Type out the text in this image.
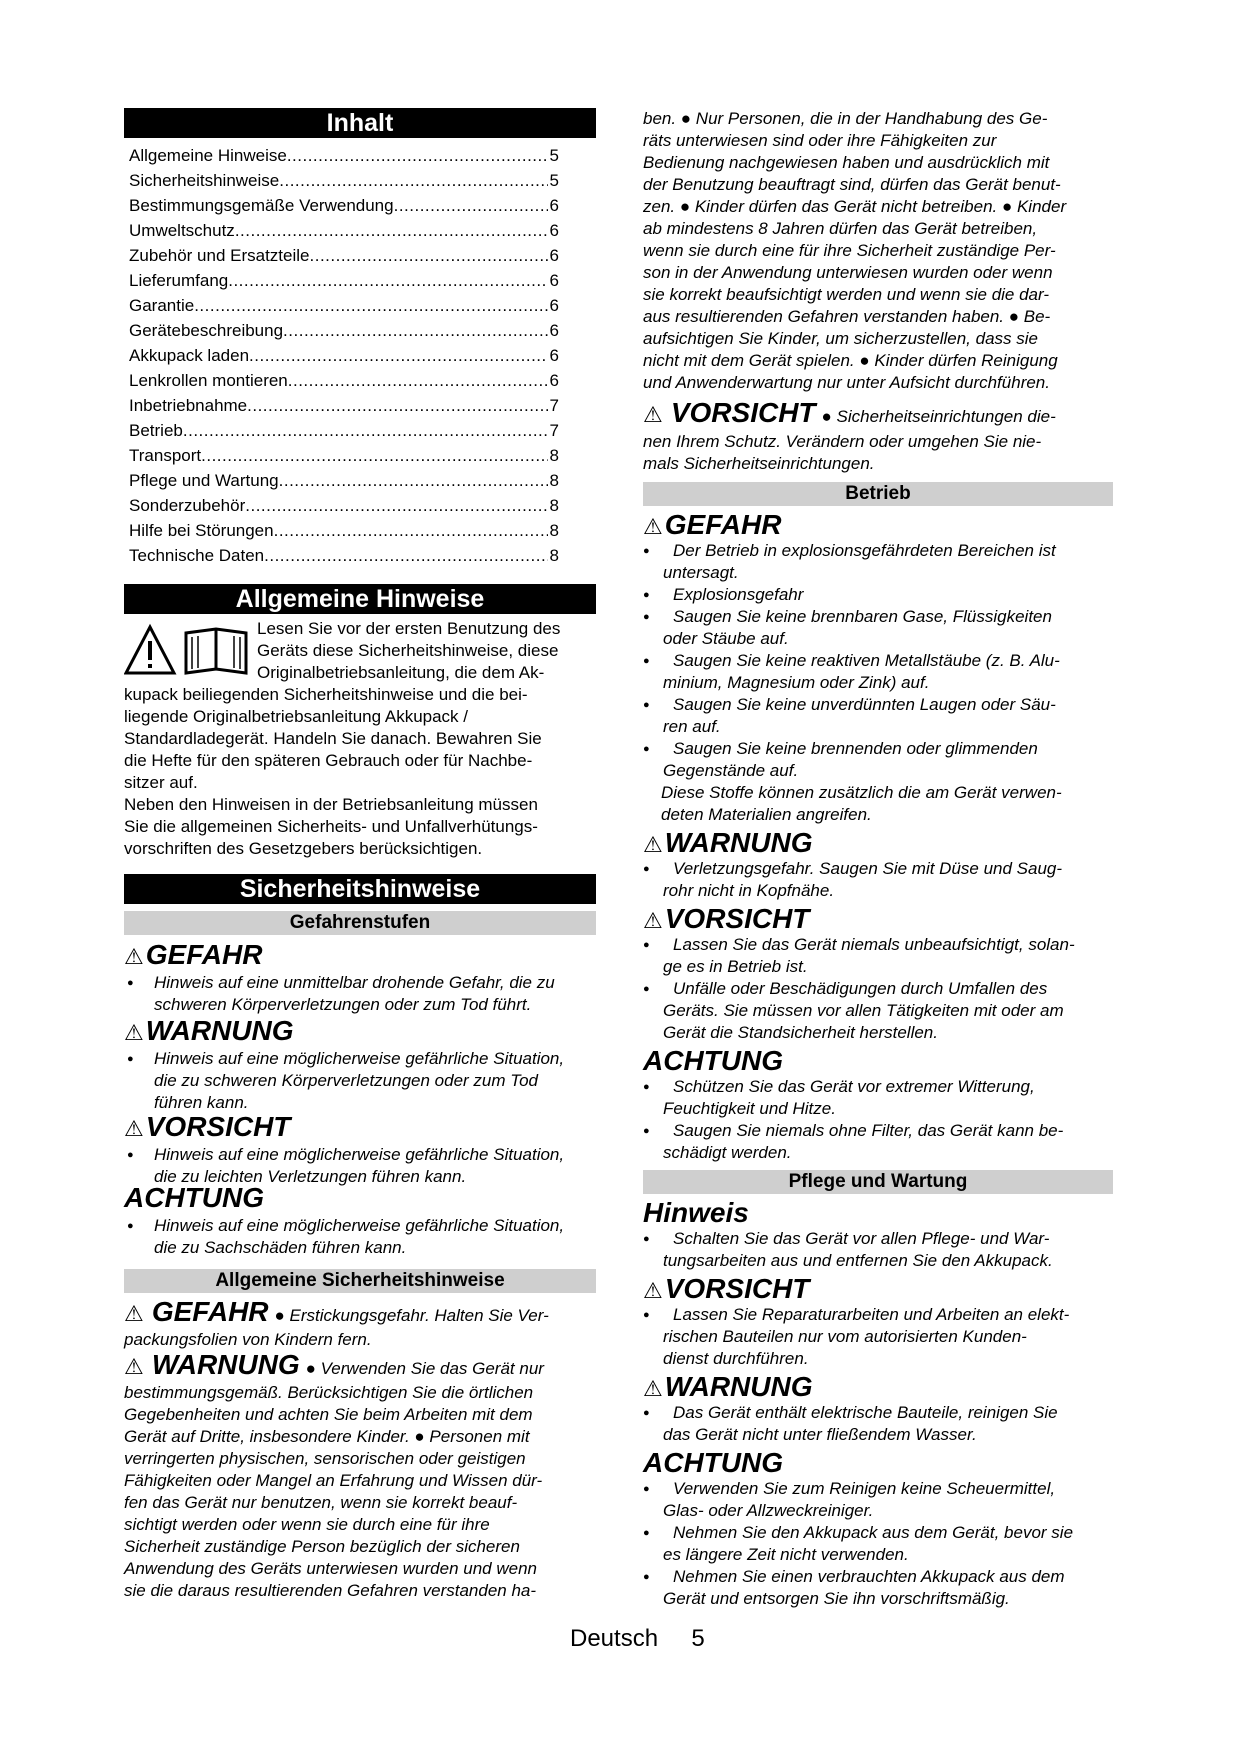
Inhalt
Allgemeine Hinweise .....	5
Sicherheitshinweise .....	5
Bestimmungsgemäße Verwendung .....	6
Umweltschutz .....	6
Zubehör und Ersatzteile .....	6
Lieferumfang .....	6
Garantie .....	6
Gerätebeschreibung .....	6
Akkupack laden .....	6
Lenkrollen montieren .....	6
Inbetriebnahme .....	7
Betrieb .....	7
Transport .....	8
Pflege und Wartung .....	8
Sonderzubehör .....	8
Hilfe bei Störungen .....	8
Technische Daten .....	8
Allgemeine Hinweise
Lesen Sie vor der ersten Benutzung des
Geräts diese Sicherheitshinweise, diese
Originalbetriebsanleitung, die dem Ak-
kupack beiliegenden Sicherheitshinweise und die bei-
liegende Originalbetriebsanleitung Akkupack /
Standardladegerät. Handeln Sie danach. Bewahren Sie
die Hefte für den späteren Gebrauch oder für Nachbe-
sitzer auf.
Neben den Hinweisen in der Betriebsanleitung müssen
Sie die allgemeinen Sicherheits- und Unfallverhütungs-
vorschriften des Gesetzgebers berücksichtigen.
Sicherheitshinweise
Gefahrenstufen
⚠GEFAHR
● Hinweis auf eine unmittelbar drohende Gefahr, die zu schweren Körperverletzungen oder zum Tod führt.
⚠WARNUNG
● Hinweis auf eine möglicherweise gefährliche Situation, die zu schweren Körperverletzungen oder zum Tod führen kann.
⚠VORSICHT
● Hinweis auf eine möglicherweise gefährliche Situation, die zu leichten Verletzungen führen kann.
ACHTUNG
● Hinweis auf eine möglicherweise gefährliche Situation, die zu Sachschäden führen kann.
Allgemeine Sicherheitshinweise
⚠ GEFAHR ● Erstickungsgefahr. Halten Sie Ver-
packungsfolien von Kindern fern.
⚠ WARNUNG ● Verwenden Sie das Gerät nur
bestimmungsgemäß. Berücksichtigen Sie die örtlichen
Gegebenheiten und achten Sie beim Arbeiten mit dem
Gerät auf Dritte, insbesondere Kinder. ● Personen mit
verringerten physischen, sensorischen oder geistigen
Fähigkeiten oder Mangel an Erfahrung und Wissen dür-
fen das Gerät nur benutzen, wenn sie korrekt beauf-
sichtigt werden oder wenn sie durch eine für ihre
Sicherheit zuständige Person bezüglich der sicheren
Anwendung des Geräts unterwiesen wurden und wenn
sie die daraus resultierenden Gefahren verstanden ha-
ben. ● Nur Personen, die in der Handhabung des Ge-
räts unterwiesen sind oder ihre Fähigkeiten zur
Bedienung nachgewiesen haben und ausdrücklich mit
der Benutzung beauftragt sind, dürfen das Gerät benut-
zen. ● Kinder dürfen das Gerät nicht betreiben. ● Kinder
ab mindestens 8 Jahren dürfen das Gerät betreiben,
wenn sie durch eine für ihre Sicherheit zuständige Per-
son in der Anwendung unterwiesen wurden oder wenn
sie korrekt beaufsichtigt werden und wenn sie die dar-
aus resultierenden Gefahren verstanden haben. ● Be-
aufsichtigen Sie Kinder, um sicherzustellen, dass sie
nicht mit dem Gerät spielen. ● Kinder dürfen Reinigung
und Anwenderwartung nur unter Aufsicht durchführen.
⚠ VORSICHT ● Sicherheitseinrichtungen die-
nen Ihrem Schutz. Verändern oder umgehen Sie nie-
mals Sicherheitseinrichtungen.
Betrieb
⚠GEFAHR
● Der Betrieb in explosionsgefährdeten Bereichen ist
untersagt.
● Explosionsgefahr
● Saugen Sie keine brennbaren Gase, Flüssigkeiten
oder Stäube auf.
● Saugen Sie keine reaktiven Metallstäube (z. B. Alu-
minium, Magnesium oder Zink) auf.
● Saugen Sie keine unverdünnten Laugen oder Säu-
ren auf.
● Saugen Sie keine brennenden oder glimmenden
Gegenstände auf.
Diese Stoffe können zusätzlich die am Gerät verwen-
deten Materialien angreifen.
⚠WARNUNG
● Verletzungsgefahr. Saugen Sie mit Düse und Saug-
rohr nicht in Kopfnähe.
⚠VORSICHT
● Lassen Sie das Gerät niemals unbeaufsichtigt, solan-
ge es in Betrieb ist.
● Unfälle oder Beschädigungen durch Umfallen des
Geräts. Sie müssen vor allen Tätigkeiten mit oder am
Gerät die Standsicherheit herstellen.
ACHTUNG
● Schützen Sie das Gerät vor extremer Witterung,
Feuchtigkeit und Hitze.
● Saugen Sie niemals ohne Filter, das Gerät kann be-
schädigt werden.
Pflege und Wartung
Hinweis
● Schalten Sie das Gerät vor allen Pflege- und War-
tungsarbeiten aus und entfernen Sie den Akkupack.
⚠VORSICHT
● Lassen Sie Reparaturarbeiten und Arbeiten an elekt-
rischen Bauteilen nur vom autorisierten Kunden-
dienst durchführen.
⚠WARNUNG
● Das Gerät enthält elektrische Bauteile, reinigen Sie
das Gerät nicht unter fließendem Wasser.
ACHTUNG
● Verwenden Sie zum Reinigen keine Scheuermittel,
Glas- oder Allzweckreiniger.
● Nehmen Sie den Akkupack aus dem Gerät, bevor sie
es längere Zeit nicht verwenden.
● Nehmen Sie einen verbrauchten Akkupack aus dem
Gerät und entsorgen Sie ihn vorschriftsmäßig.
Deutsch 5
